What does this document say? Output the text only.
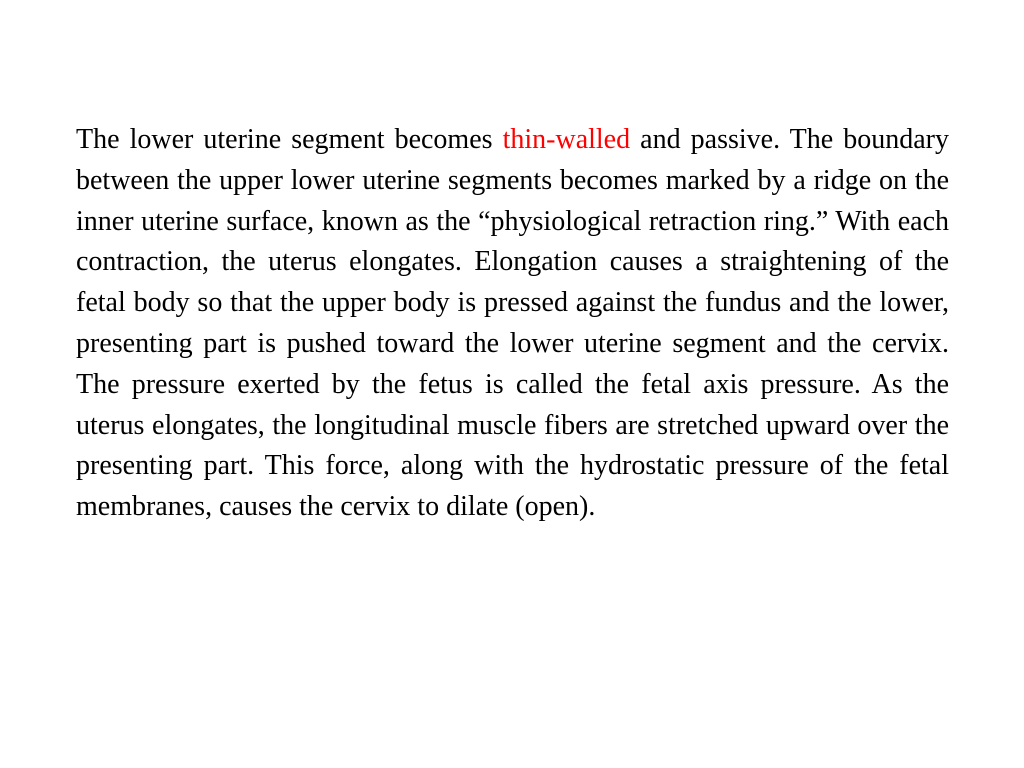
The lower uterine segment becomes thin-walled and passive. The boundary between the upper lower uterine segments becomes marked by a ridge on the inner uterine surface, known as the “physiological retraction ring.” With each contraction, the uterus elongates. Elongation causes a straightening of the fetal body so that the upper body is pressed against the fundus and the lower, presenting part is pushed toward the lower uterine segment and the cervix. The pressure exerted by the fetus is called the fetal axis pressure. As the uterus elongates, the longitudinal muscle fibers are stretched upward over the presenting part. This force, along with the hydrostatic pressure of the fetal membranes, causes the cervix to dilate (open).
